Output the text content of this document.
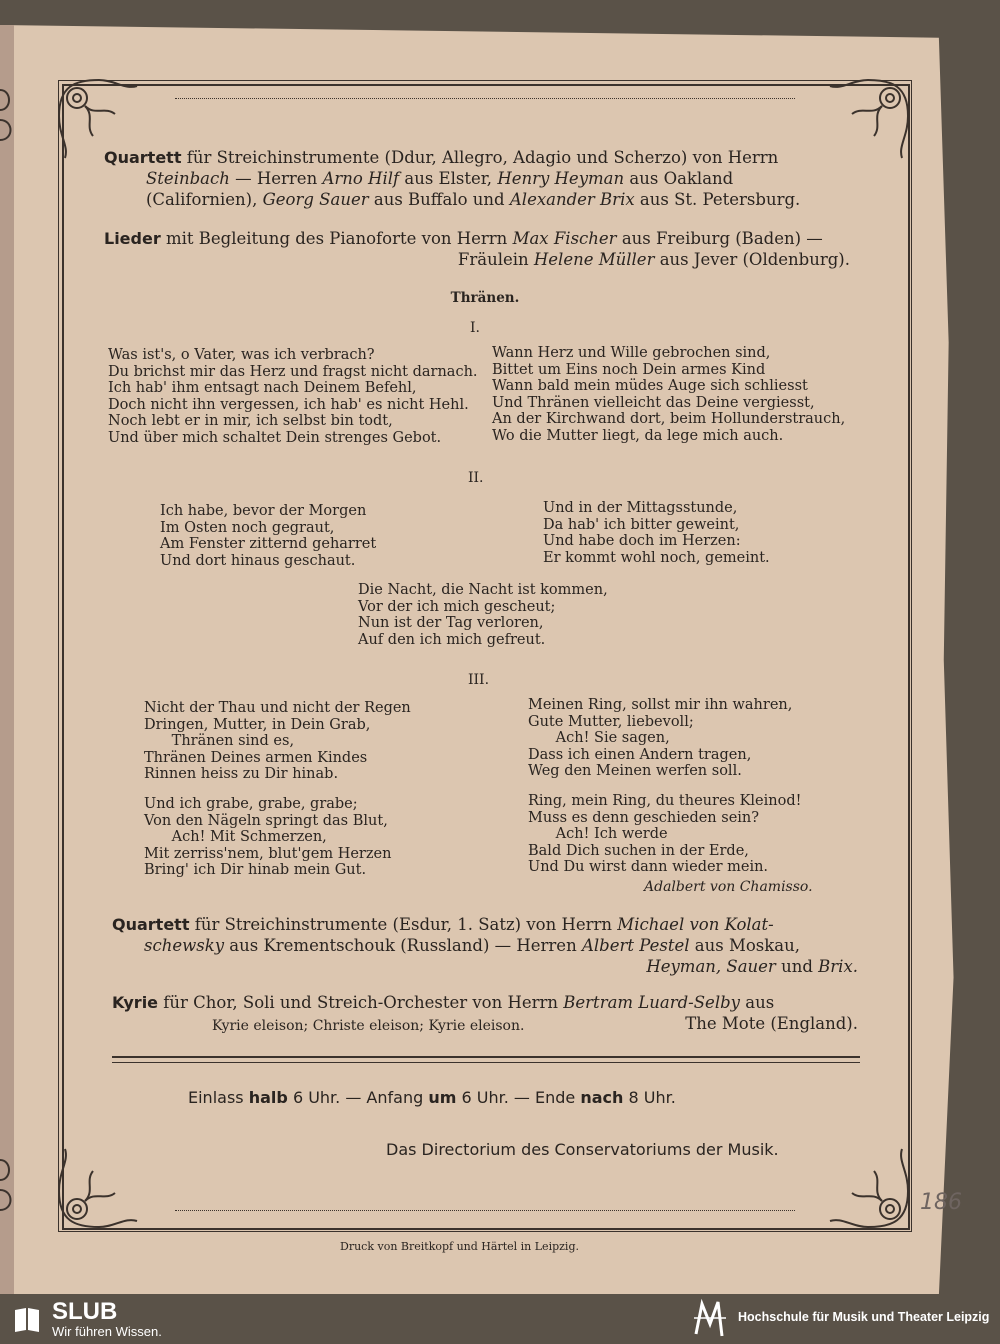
Quartett für Streichinstrumente (Ddur, Allegro, Adagio und Scherzo) von Herrn
Steinbach — Herren Arno Hilf aus Elster, Henry Heyman aus Oakland
(Californien), Georg Sauer aus Buffalo und Alexander Brix aus St. Petersburg.
Lieder mit Begleitung des Pianoforte von Herrn Max Fischer aus Freiburg (Baden) —
Fräulein Helene Müller aus Jever (Oldenburg).
Thränen.
I.
Was ist's, o Vater, was ich verbrach?
Du brichst mir das Herz und fragst nicht darnach.
Ich hab' ihm entsagt nach Deinem Befehl,
Doch nicht ihn vergessen, ich hab' es nicht Hehl.
Noch lebt er in mir, ich selbst bin todt,
Und über mich schaltet Dein strenges Gebot.
Wann Herz und Wille gebrochen sind,
Bittet um Eins noch Dein armes Kind
Wann bald mein müdes Auge sich schliesst
Und Thränen vielleicht das Deine vergiesst,
An der Kirchwand dort, beim Hollunderstrauch,
Wo die Mutter liegt, da lege mich auch.
II.
Ich habe, bevor der Morgen
Im Osten noch gegraut,
Am Fenster zitternd geharret
Und dort hinaus geschaut.
Und in der Mittagsstunde,
Da hab' ich bitter geweint,
Und habe doch im Herzen:
Er kommt wohl noch, gemeint.
Die Nacht, die Nacht ist kommen,
Vor der ich mich gescheut;
Nun ist der Tag verloren,
Auf den ich mich gefreut.
III.
Nicht der Thau und nicht der Regen
Dringen, Mutter, in Dein Grab,
Thränen sind es,
Thränen Deines armen Kindes
Rinnen heiss zu Dir hinab.
Meinen Ring, sollst mir ihn wahren,
Gute Mutter, liebevoll;
Ach! Sie sagen,
Dass ich einen Andern tragen,
Weg den Meinen werfen soll.
Und ich grabe, grabe, grabe;
Von den Nägeln springt das Blut,
Ach! Mit Schmerzen,
Mit zerriss'nem, blut'gem Herzen
Bring' ich Dir hinab mein Gut.
Ring, mein Ring, du theures Kleinod!
Muss es denn geschieden sein?
Ach! Ich werde
Bald Dich suchen in der Erde,
Und Du wirst dann wieder mein.
Adalbert von Chamisso.
Quartett für Streichinstrumente (Esdur, 1. Satz) von Herrn Michael von Kolat-
schewsky aus Krementschouk (Russland) — Herren Albert Pestel aus Moskau,
Heyman, Sauer und Brix.
Kyrie für Chor, Soli und Streich-Orchester von Herrn Bertram Luard-Selby aus
Kyrie eleison; Christe eleison; Kyrie eleison.	The Mote (England).
Einlass halb 6 Uhr. — Anfang um 6 Uhr. — Ende nach 8 Uhr.
Das Directorium des Conservatoriums der Musik.
Druck von Breitkopf und Härtel in Leipzig.
186
SLUB
Wir führen Wissen.
Hochschule für Musik und Theater Leipzig
